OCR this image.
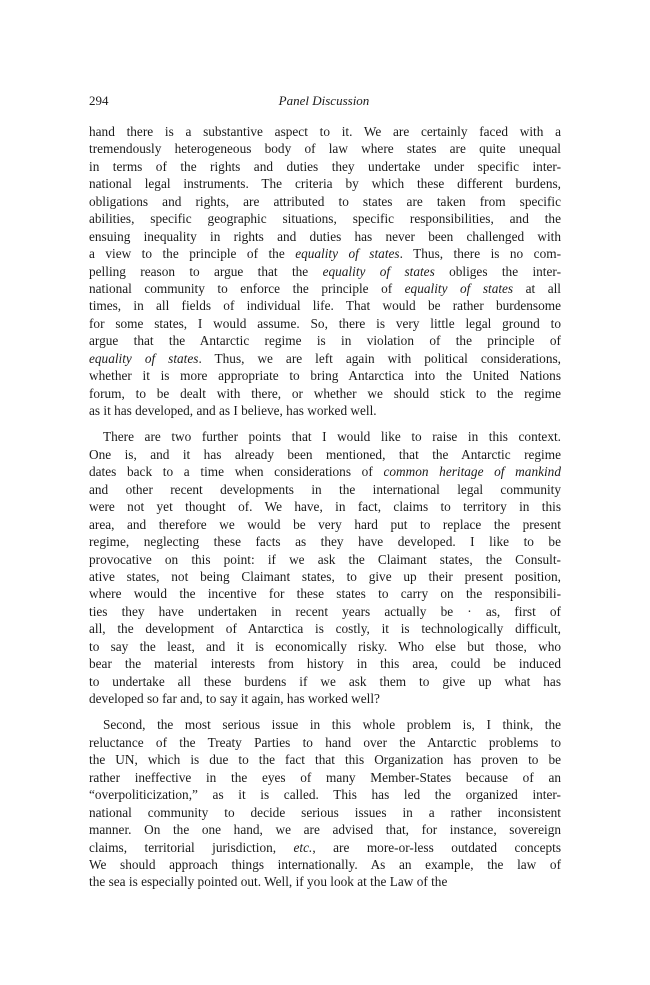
294	Panel Discussion
hand there is a substantive aspect to it. We are certainly faced with a
tremendously heterogeneous body of law where states are quite unequal
in terms of the rights and duties they undertake under specific inter-
national legal instruments. The criteria by which these different burdens,
obligations and rights, are attributed to states are taken from specific
abilities, specific geographic situations, specific responsibilities, and the
ensuing inequality in rights and duties has never been challenged with
a view to the principle of the equality of states. Thus, there is no com-
pelling reason to argue that the equality of states obliges the inter-
national community to enforce the principle of equality of states at all
times, in all fields of individual life. That would be rather burdensome
for some states, I would assume. So, there is very little legal ground to
argue that the Antarctic regime is in violation of the principle of
equality of states. Thus, we are left again with political considerations,
whether it is more appropriate to bring Antarctica into the United Nations
forum, to be dealt with there, or whether we should stick to the regime
as it has developed, and as I believe, has worked well.
There are two further points that I would like to raise in this context.
One is, and it has already been mentioned, that the Antarctic regime
dates back to a time when considerations of common heritage of mankind
and other recent developments in the international legal community
were not yet thought of. We have, in fact, claims to territory in this
area, and therefore we would be very hard put to replace the present
regime, neglecting these facts as they have developed. I like to be
provocative on this point: if we ask the Claimant states, the Consult-
ative states, not being Claimant states, to give up their present position,
where would the incentive for these states to carry on the responsibili-
ties they have undertaken in recent years actually be · as, first of
all, the development of Antarctica is costly, it is technologically difficult,
to say the least, and it is economically risky. Who else but those, who
bear the material interests from history in this area, could be induced
to undertake all these burdens if we ask them to give up what has
developed so far and, to say it again, has worked well?
Second, the most serious issue in this whole problem is, I think, the
reluctance of the Treaty Parties to hand over the Antarctic problems to
the UN, which is due to the fact that this Organization has proven to be
rather ineffective in the eyes of many Member-States because of an
“overpoliticization,” as it is called. This has led the organized inter-
national community to decide serious issues in a rather inconsistent
manner. On the one hand, we are advised that, for instance, sovereign
claims, territorial jurisdiction, etc., are more-or-less outdated concepts
We should approach things internationally. As an example, the law of
the sea is especially pointed out. Well, if you look at the Law of the
